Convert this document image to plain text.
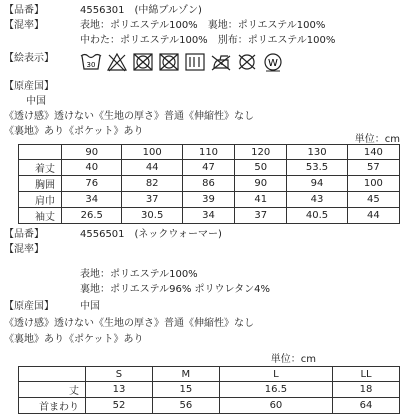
【品番】	4556301　(中綿ブルゾン)
【混率】	表地：ポリエステル100%　裏地：ポリエステル100%
中わた：ポリエステル100%　別布：ポリエステル100%
【絵表示】
30	W
【原産国】
中国
《透け感》透けない《生地の厚さ》普通《伸縮性》なし
《裏地》あり《ポケット》あり
単位：cm
	90	100	110	120	130	140
着丈	40	44	47	50	53.5	57
胸囲	76	82	86	90	94	100
肩巾	34	37	39	41	43	45
袖丈	26.5	30.5	34	37	40.5	44
【品番】	4556501　(ネックウォーマー)
【混率】
表地：ポリエステル100%
裏地：ポリエステル96% ポリウレタン4%
【原産国】	中国
《透け感》透けない《生地の厚さ》普通《伸縮性》なし
《裏地》あり《ポケット》あり
単位：cm
	S	M	L	LL
丈	13	15	16.5	18
首まわり	52	56	60	64
